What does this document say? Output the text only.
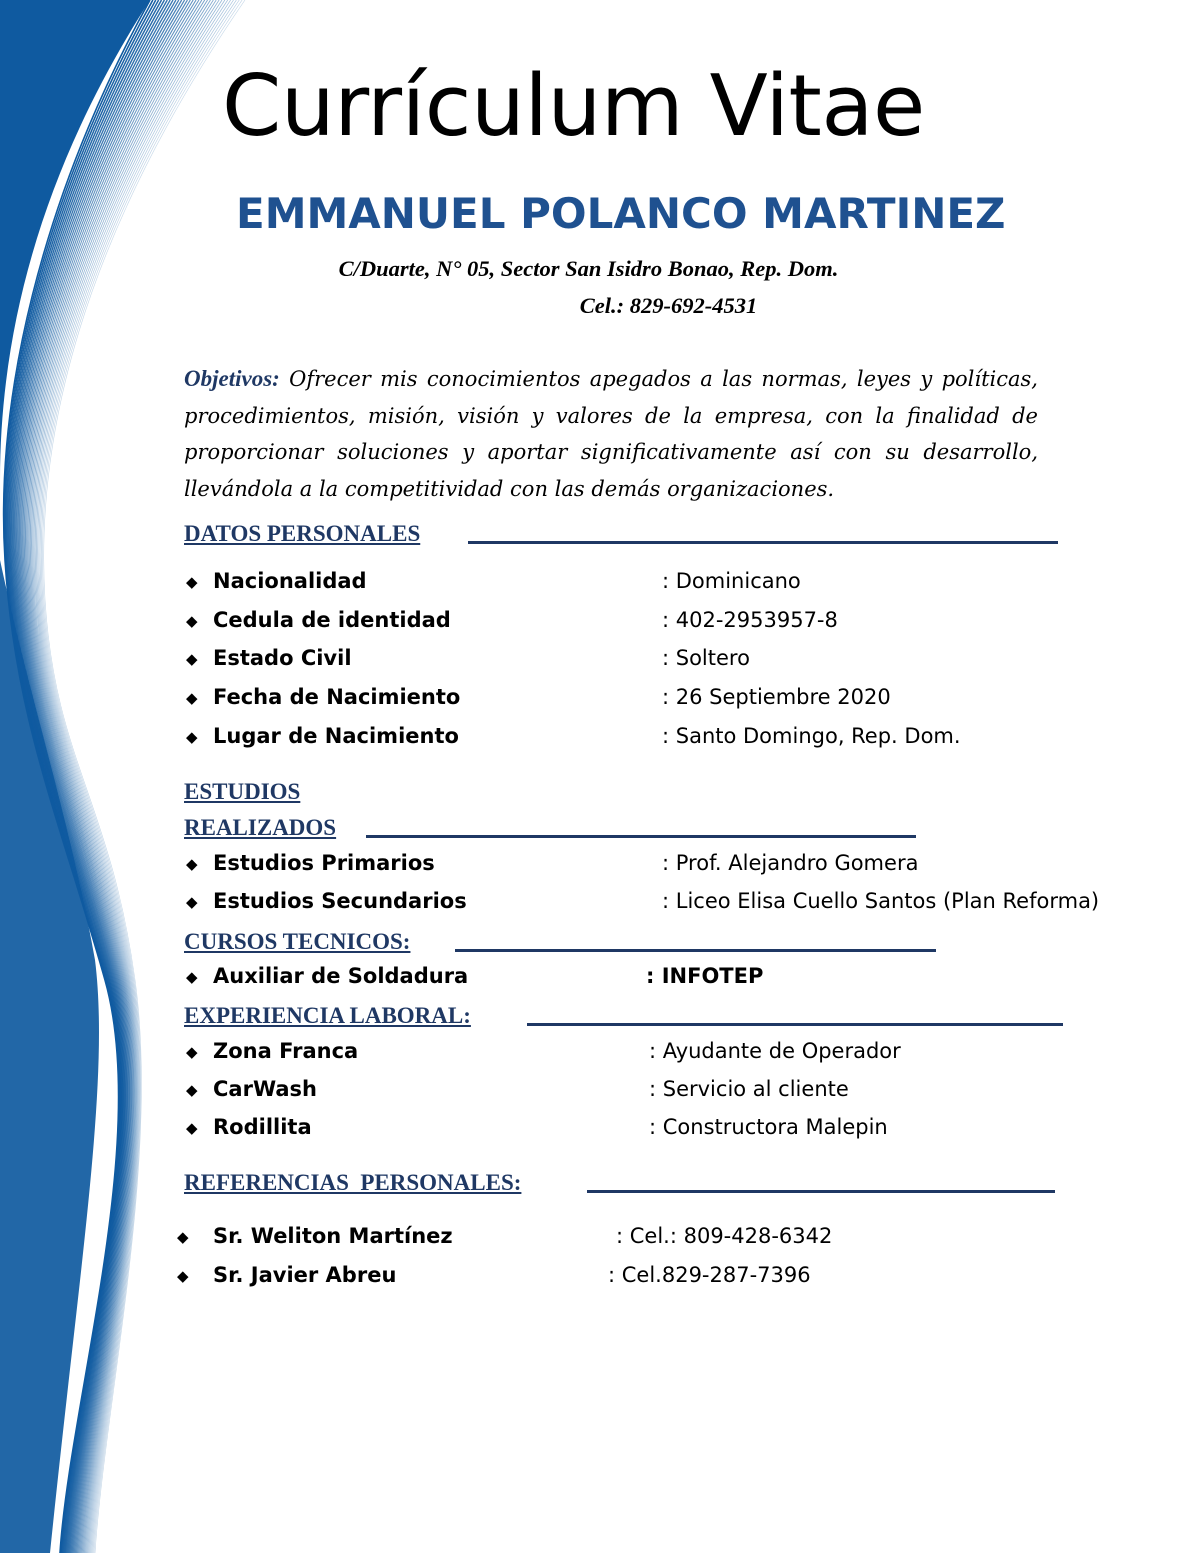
Currículum Vitae
EMMANUEL POLANCO MARTINEZ
C/Duarte, N° 05, Sector San Isidro Bonao, Rep. Dom.
Cel.: 829-692-4531

Objetivos: Ofrecer mis conocimientos apegados a las normas, leyes y políticas, procedimientos, misión, visión y valores de la empresa, con la finalidad de proporcionar soluciones y aportar significativamente así con su desarrollo, llevándola a la competitividad con las demás organizaciones.

DATOS PERSONALES
◆ Nacionalidad	: Dominicano
◆ Cedula de identidad	: 402-2953957-8
◆ Estado Civil	: Soltero
◆ Fecha de Nacimiento	: 26 Septiembre 2020
◆ Lugar de Nacimiento	: Santo Domingo, Rep. Dom.
ESTUDIOS
REALIZADOS
◆ Estudios Primarios	: Prof. Alejandro Gomera
◆ Estudios Secundarios	: Liceo Elisa Cuello Santos (Plan Reforma)
CURSOS TECNICOS:
◆ Auxiliar de Soldadura	: INFOTEP
EXPERIENCIA LABORAL:
◆ Zona Franca	: Ayudante de Operador
◆ CarWash	: Servicio al cliente
◆ Rodillita	: Constructora Malepin
REFERENCIAS  PERSONALES:
◆ Sr. Weliton Martínez	: Cel.: 809-428-6342
◆ Sr. Javier Abreu	: Cel.829-287-7396
